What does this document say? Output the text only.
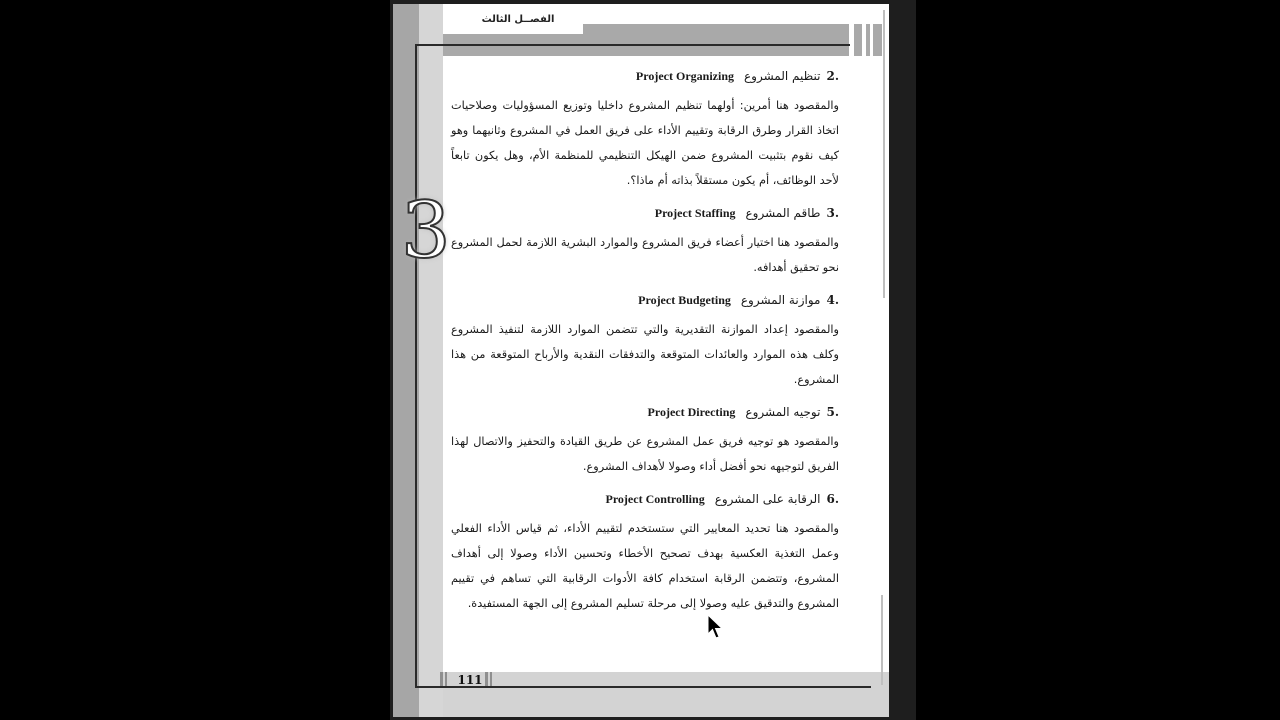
الفصــل الثالث
3
.2
تنظيم المشروع
Project Organizing

والمقصود هنا أمرين: أولهما تنظيم المشروع داخليا وتوزيع المسؤوليات وصلاحيات اتخاذ القرار وطرق الرقابة وتقييم الأداء على فريق العمل في المشروع وثانيهما وهو كيف نقوم بتثبيت المشروع ضمن الهيكل التنظيمي للمنظمة الأم، وهل يكون تابعاً لأحد الوظائف، أم يكون مستقلاً بذاته أم ماذا؟.

.3
طاقم المشروع
Project Staffing

والمقصود هنا اختيار أعضاء فريق المشروع والموارد البشرية اللازمة لحمل المشروع نحو تحقيق أهدافه.

.4
موازنة المشروع
Project Budgeting

والمقصود إعداد الموازنة التقديرية والتي تتضمن الموارد اللازمة لتنفيذ المشروع وكلف هذه الموارد والعائدات المتوقعة والتدفقات النقدية والأرباح المتوقعة من هذا المشروع.

.5
توجيه المشروع
Project Directing

والمقصود هو توجيه فريق عمل المشروع عن طريق القيادة والتحفيز والاتصال لهذا الفريق لتوجيهه نحو أفضل أداء وصولا لأهداف المشروع.

.6
الرقابة على المشروع
Project Controlling

والمقصود هنا تحديد المعايير التي ستستخدم لتقييم الأداء، ثم قياس الأداء الفعلي وعمل التغذية العكسية بهدف تصحيح الأخطاء وتحسين الأداء وصولا إلى أهداف المشروع، وتتضمن الرقابة استخدام كافة الأدوات الرقابية التي تساهم في تقييم المشروع والتدقيق عليه وصولا إلى مرحلة تسليم المشروع إلى الجهة المستفيدة.

111
